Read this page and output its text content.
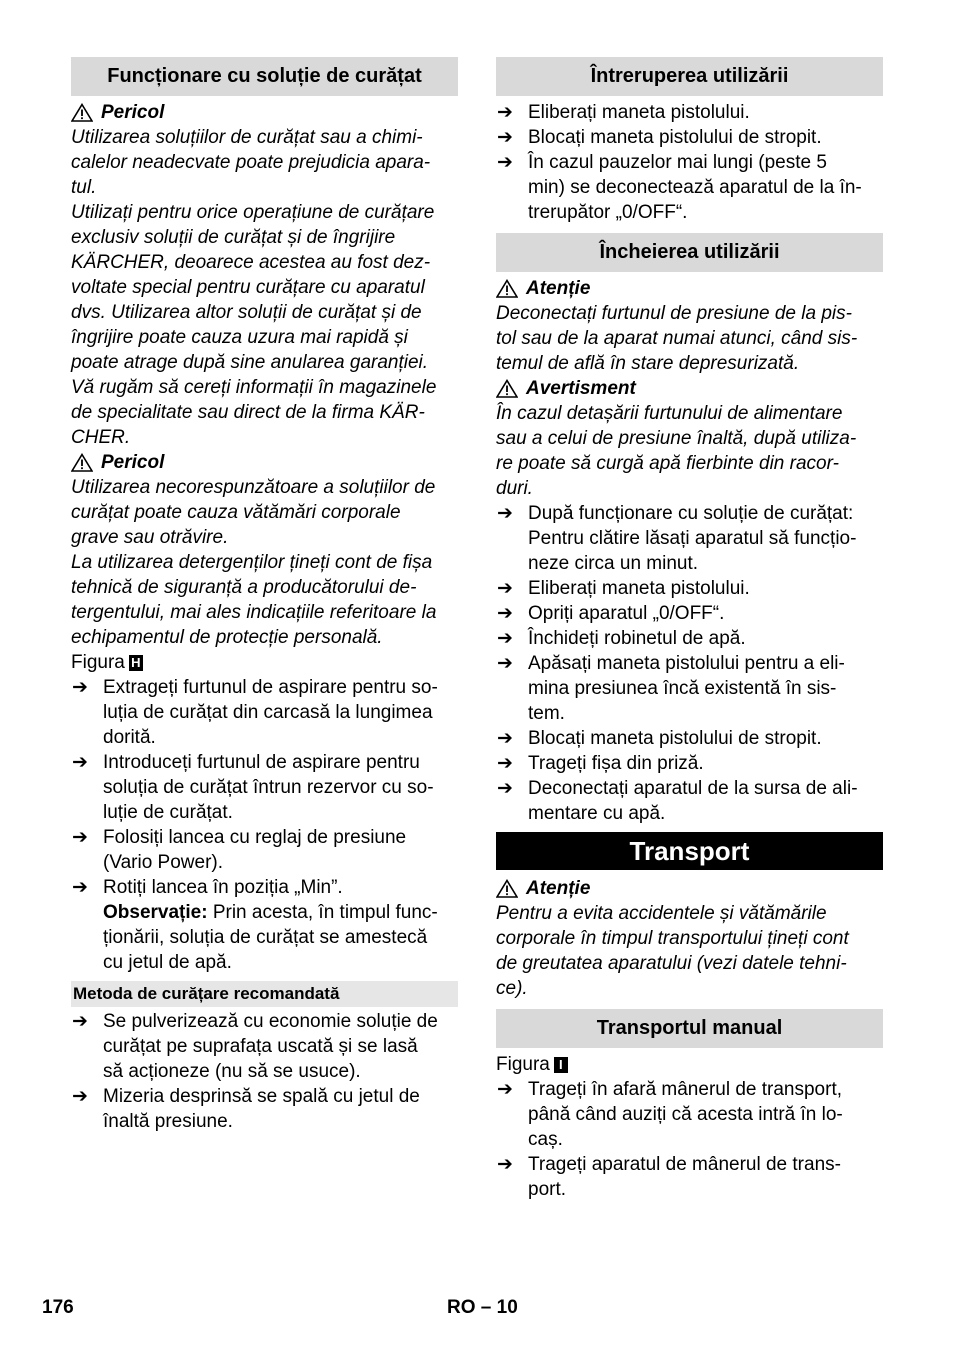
Funcționare cu soluție de curățat
Pericol
Utilizarea soluțiilor de curățat sau a chimi-
calelor neadecvate poate prejudicia apara-
tul.
Utilizați pentru orice operațiune de curățare
exclusiv soluții de curățat și de îngrijire
KÄRCHER, deoarece acestea au fost dez-
voltate special pentru curățare cu aparatul
dvs. Utilizarea altor soluții de curățat și de
îngrijire poate cauza uzura mai rapidă și
poate atrage după sine anularea garanției.
Vă rugăm să cereți informații în magazinele
de specialitate sau direct de la firma KÄR-
CHER.
Pericol
Utilizarea necorespunzătoare a soluțiilor de
curățat poate cauza vătămări corporale
grave sau otrăvire.
La utilizarea detergenților țineți cont de fișa
tehnică de siguranță a producătorului de-
tergentului, mai ales indicațiile referitoare la
echipamentul de protecție personală.
Figura H
➔ Extrageți furtunul de aspirare pentru so-
luția de curățat din carcasă la lungimea
dorită.
➔ Introduceți furtunul de aspirare pentru
soluția de curățat întrun rezervor cu so-
luție de curățat.
➔ Folosiți lancea cu reglaj de presiune
(Vario Power).
➔ Rotiți lancea în poziția „Min”.
Observație: Prin acesta, în timpul func-
ționării, soluția de curățat se amestecă
cu jetul de apă.
Metoda de curățare recomandată
➔ Se pulverizează cu economie soluție de
curățat pe suprafața uscată și se lasă
să acționeze (nu să se usuce).
➔ Mizeria desprinsă se spală cu jetul de
înaltă presiune.
Întreruperea utilizării
➔ Eliberați maneta pistolului.
➔ Blocați maneta pistolului de stropit.
➔ În cazul pauzelor mai lungi (peste 5
min) se deconectează aparatul de la în-
trerupător „0/OFF“.
Încheierea utilizării
Atenție
Deconectați furtunul de presiune de la pis-
tol sau de la aparat numai atunci, când sis-
temul de află în stare depresurizată.
Avertisment
În cazul detașării furtunului de alimentare
sau a celui de presiune înaltă, după utiliza-
re poate să curgă apă fierbinte din racor-
duri.
➔ După funcționare cu soluție de curățat:
Pentru clătire lăsați aparatul să funcțio-
neze circa un minut.
➔ Eliberați maneta pistolului.
➔ Opriți aparatul „0/OFF“.
➔ Închideți robinetul de apă.
➔ Apăsați maneta pistolului pentru a eli-
mina presiunea încă existentă în sis-
tem.
➔ Blocați maneta pistolului de stropit.
➔ Trageți fișa din priză.
➔ Deconectați aparatul de la sursa de ali-
mentare cu apă.
Transport
Atenție
Pentru a evita accidentele și vătămările
corporale în timpul transportului țineți cont
de greutatea aparatului (vezi datele tehni-
ce).
Transportul manual
Figura I
➔ Trageți în afară mânerul de transport,
până când auziți că acesta intră în lo-
caș.
➔ Trageți aparatul de mânerul de trans-
port.
176	RO – 10
